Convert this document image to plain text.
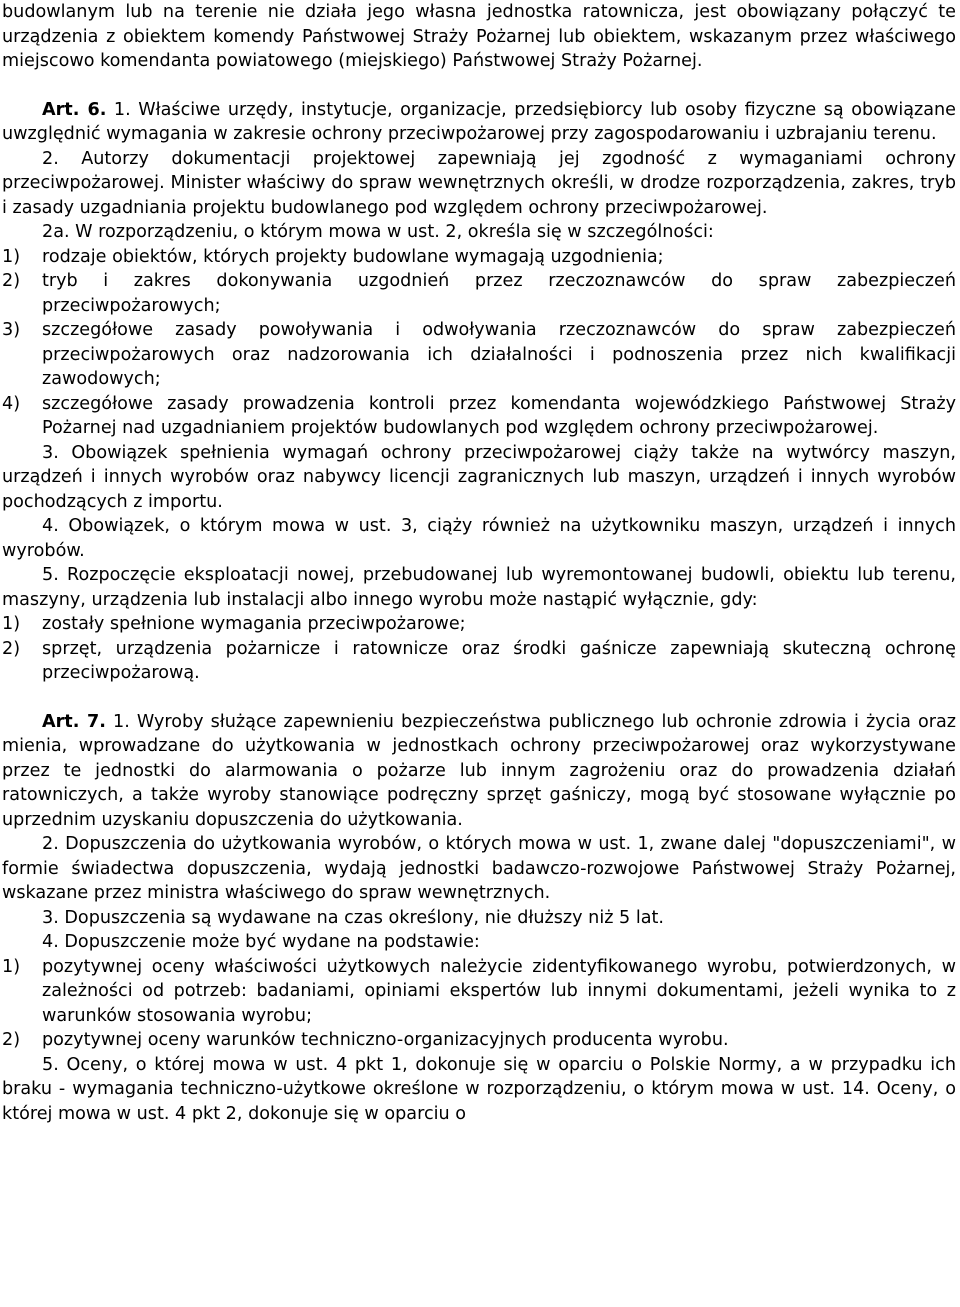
budowlanym lub na terenie nie działa jego własna jednostka ratownicza, jest obowiązany połączyć te urządzenia z obiektem komendy Państwowej Straży Pożarnej lub obiektem, wskazanym przez właściwego miejscowo komendanta powiatowego (miejskiego) Państwowej Straży Pożarnej.

Art. 6. 1. Właściwe urzędy, instytucje, organizacje, przedsiębiorcy lub osoby fizyczne są obowiązane uwzględnić wymagania w zakresie ochrony przeciwpożarowej przy zagospodarowaniu i uzbrajaniu terenu.

2. Autorzy dokumentacji projektowej zapewniają jej zgodność z wymaganiami ochrony przeciwpożarowej. Minister właściwy do spraw wewnętrznych określi, w drodze rozporządzenia, zakres, tryb i zasady uzgadniania projektu budowlanego pod względem ochrony przeciwpożarowej.

2a. W rozporządzeniu, o którym mowa w ust. 2, określa się w szczególności:

1)	rodzaje obiektów, których projekty budowlane wymagają uzgodnienia;
2)	tryb i zakres dokonywania uzgodnień przez rzeczoznawców do spraw zabezpieczeń przeciwpożarowych;
3)	szczegółowe zasady powoływania i odwoływania rzeczoznawców do spraw zabezpieczeń przeciwpożarowych oraz nadzorowania ich działalności i podnoszenia przez nich kwalifikacji zawodowych;
4)	szczegółowe zasady prowadzenia kontroli przez komendanta wojewódzkiego Państwowej Straży Pożarnej nad uzgadnianiem projektów budowlanych pod względem ochrony przeciwpożarowej.

3. Obowiązek spełnienia wymagań ochrony przeciwpożarowej ciąży także na wytwórcy maszyn, urządzeń i innych wyrobów oraz nabywcy licencji zagranicznych lub maszyn, urządzeń i innych wyrobów pochodzących z importu.

4. Obowiązek, o którym mowa w ust. 3, ciąży również na użytkowniku maszyn, urządzeń i innych wyrobów.

5. Rozpoczęcie eksploatacji nowej, przebudowanej lub wyremontowanej budowli, obiektu lub terenu, maszyny, urządzenia lub instalacji albo innego wyrobu może nastąpić wyłącznie, gdy:

1)	zostały spełnione wymagania przeciwpożarowe;
2)	sprzęt, urządzenia pożarnicze i ratownicze oraz środki gaśnicze zapewniają skuteczną ochronę przeciwpożarową.

Art. 7. 1. Wyroby służące zapewnieniu bezpieczeństwa publicznego lub ochronie zdrowia i życia oraz mienia, wprowadzane do użytkowania w jednostkach ochrony przeciwpożarowej oraz wykorzystywane przez te jednostki do alarmowania o pożarze lub innym zagrożeniu oraz do prowadzenia działań ratowniczych, a także wyroby stanowiące podręczny sprzęt gaśniczy, mogą być stosowane wyłącznie po uprzednim uzyskaniu dopuszczenia do użytkowania.

2. Dopuszczenia do użytkowania wyrobów, o których mowa w ust. 1, zwane dalej "dopuszczeniami", w formie świadectwa dopuszczenia, wydają jednostki badawczo-rozwojowe Państwowej Straży Pożarnej, wskazane przez ministra właściwego do spraw wewnętrznych.

3. Dopuszczenia są wydawane na czas określony, nie dłuższy niż 5 lat.

4. Dopuszczenie może być wydane na podstawie:

1)	pozytywnej oceny właściwości użytkowych należycie zidentyfikowanego wyrobu, potwierdzonych, w zależności od potrzeb: badaniami, opiniami ekspertów lub innymi dokumentami, jeżeli wynika to z warunków stosowania wyrobu;
2)	pozytywnej oceny warunków techniczno-organizacyjnych producenta wyrobu.

5. Oceny, o której mowa w ust. 4 pkt 1, dokonuje się w oparciu o Polskie Normy, a w przypadku ich braku - wymagania techniczno-użytkowe określone w rozporządzeniu, o którym mowa w ust. 14. Oceny, o której mowa w ust. 4 pkt 2, dokonuje się w oparciu o
